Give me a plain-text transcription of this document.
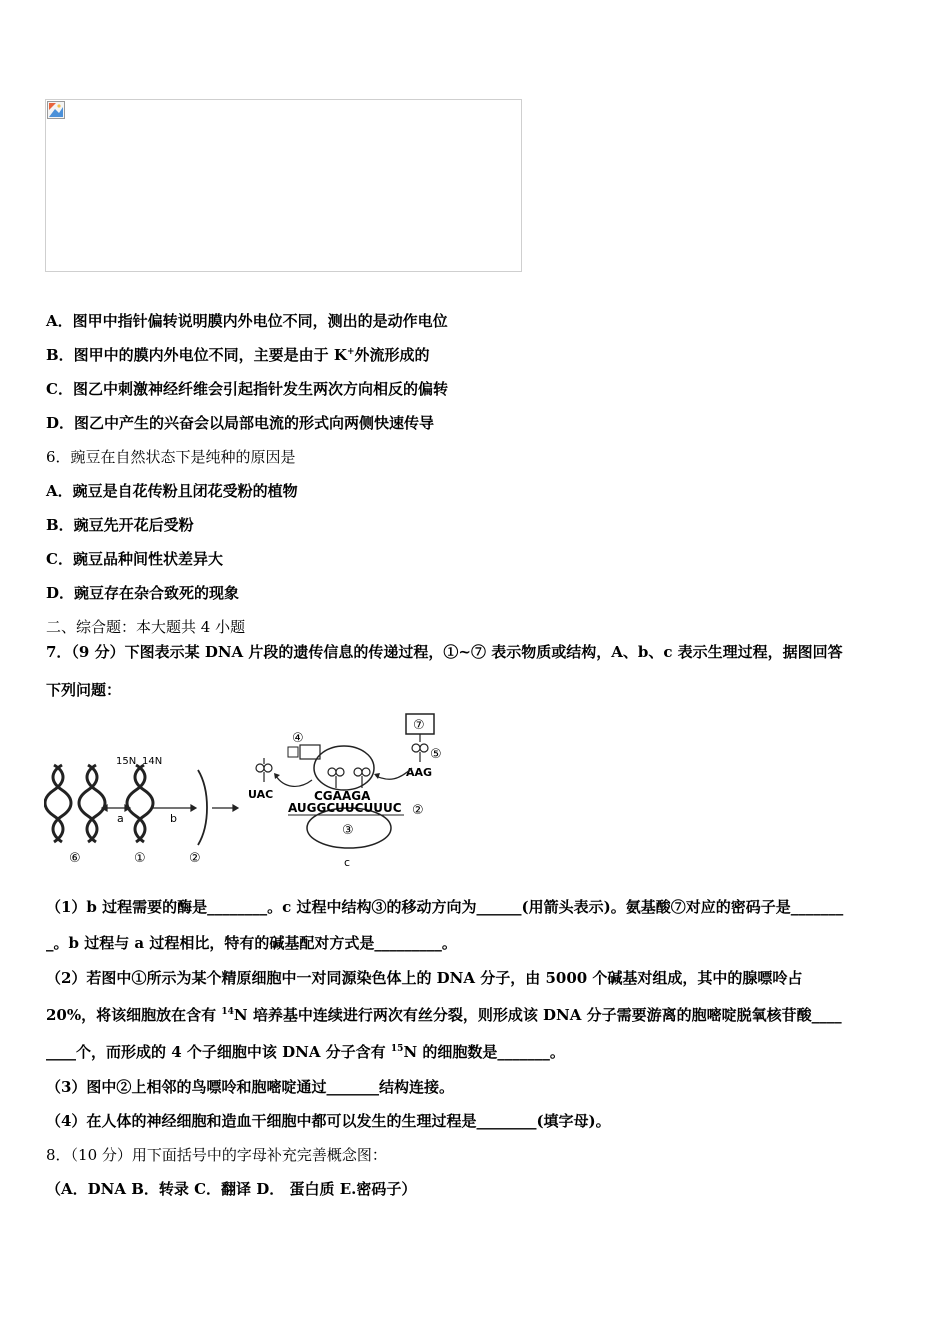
A．图甲中指针偏转说明膜内外电位不同，测出的是动作电位
B．图甲中的膜内外电位不同，主要是由于 K+外流形成的
C．图乙中刺激神经纤维会引起指针发生两次方向相反的偏转
D．图乙中产生的兴奋会以局部电流的形式向两侧快速传导
6．豌豆在自然状态下是纯种的原因是
A．豌豆是自花传粉且闭花受粉的植物
B．豌豆先开花后受粉
C．豌豆品种间性状差异大
D．豌豆存在杂合致死的现象
二、综合题：本大题共 4 小题
7．（9 分）下图表示某 DNA 片段的遗传信息的传递过程，①~⑦ 表示物质或结构，A、b、c 表示生理过程，据图回答
下列问题：
15N 14N
a	b
①
⑥	②
③
c
④
UAC
⑦
⑤
AAG
CGAAGA
AUGGCUUCUUUC ②
（1）b 过程需要的酶是________。c 过程中结构③的移动方向为______(用箭头表示)。氨基酸⑦对应的密码子是_______
_。b 过程与 a 过程相比，特有的碱基配对方式是_________。
（2）若图中①所示为某个精原细胞中一对同源染色体上的 DNA 分子，由 5000 个碱基对组成，其中的腺嘌呤占
20%，将该细胞放在含有 $^{14}$N 培养基中连续进行两次有丝分裂，则形成该 DNA 分子需要游离的胞嘧啶脱氧核苷酸____
____个，而形成的 4 个子细胞中该 DNA 分子含有 $^{15}$N 的细胞数是_______。
（3）图中②上相邻的鸟嘌呤和胞嘧啶通过_______结构连接。
（4）在人体的神经细胞和造血干细胞中都可以发生的生理过程是________(填字母)。
8．（10 分）用下面括号中的字母补充完善概念图：
（A．DNA B．转录 C．翻译 D． 蛋白质 E.密码子）
